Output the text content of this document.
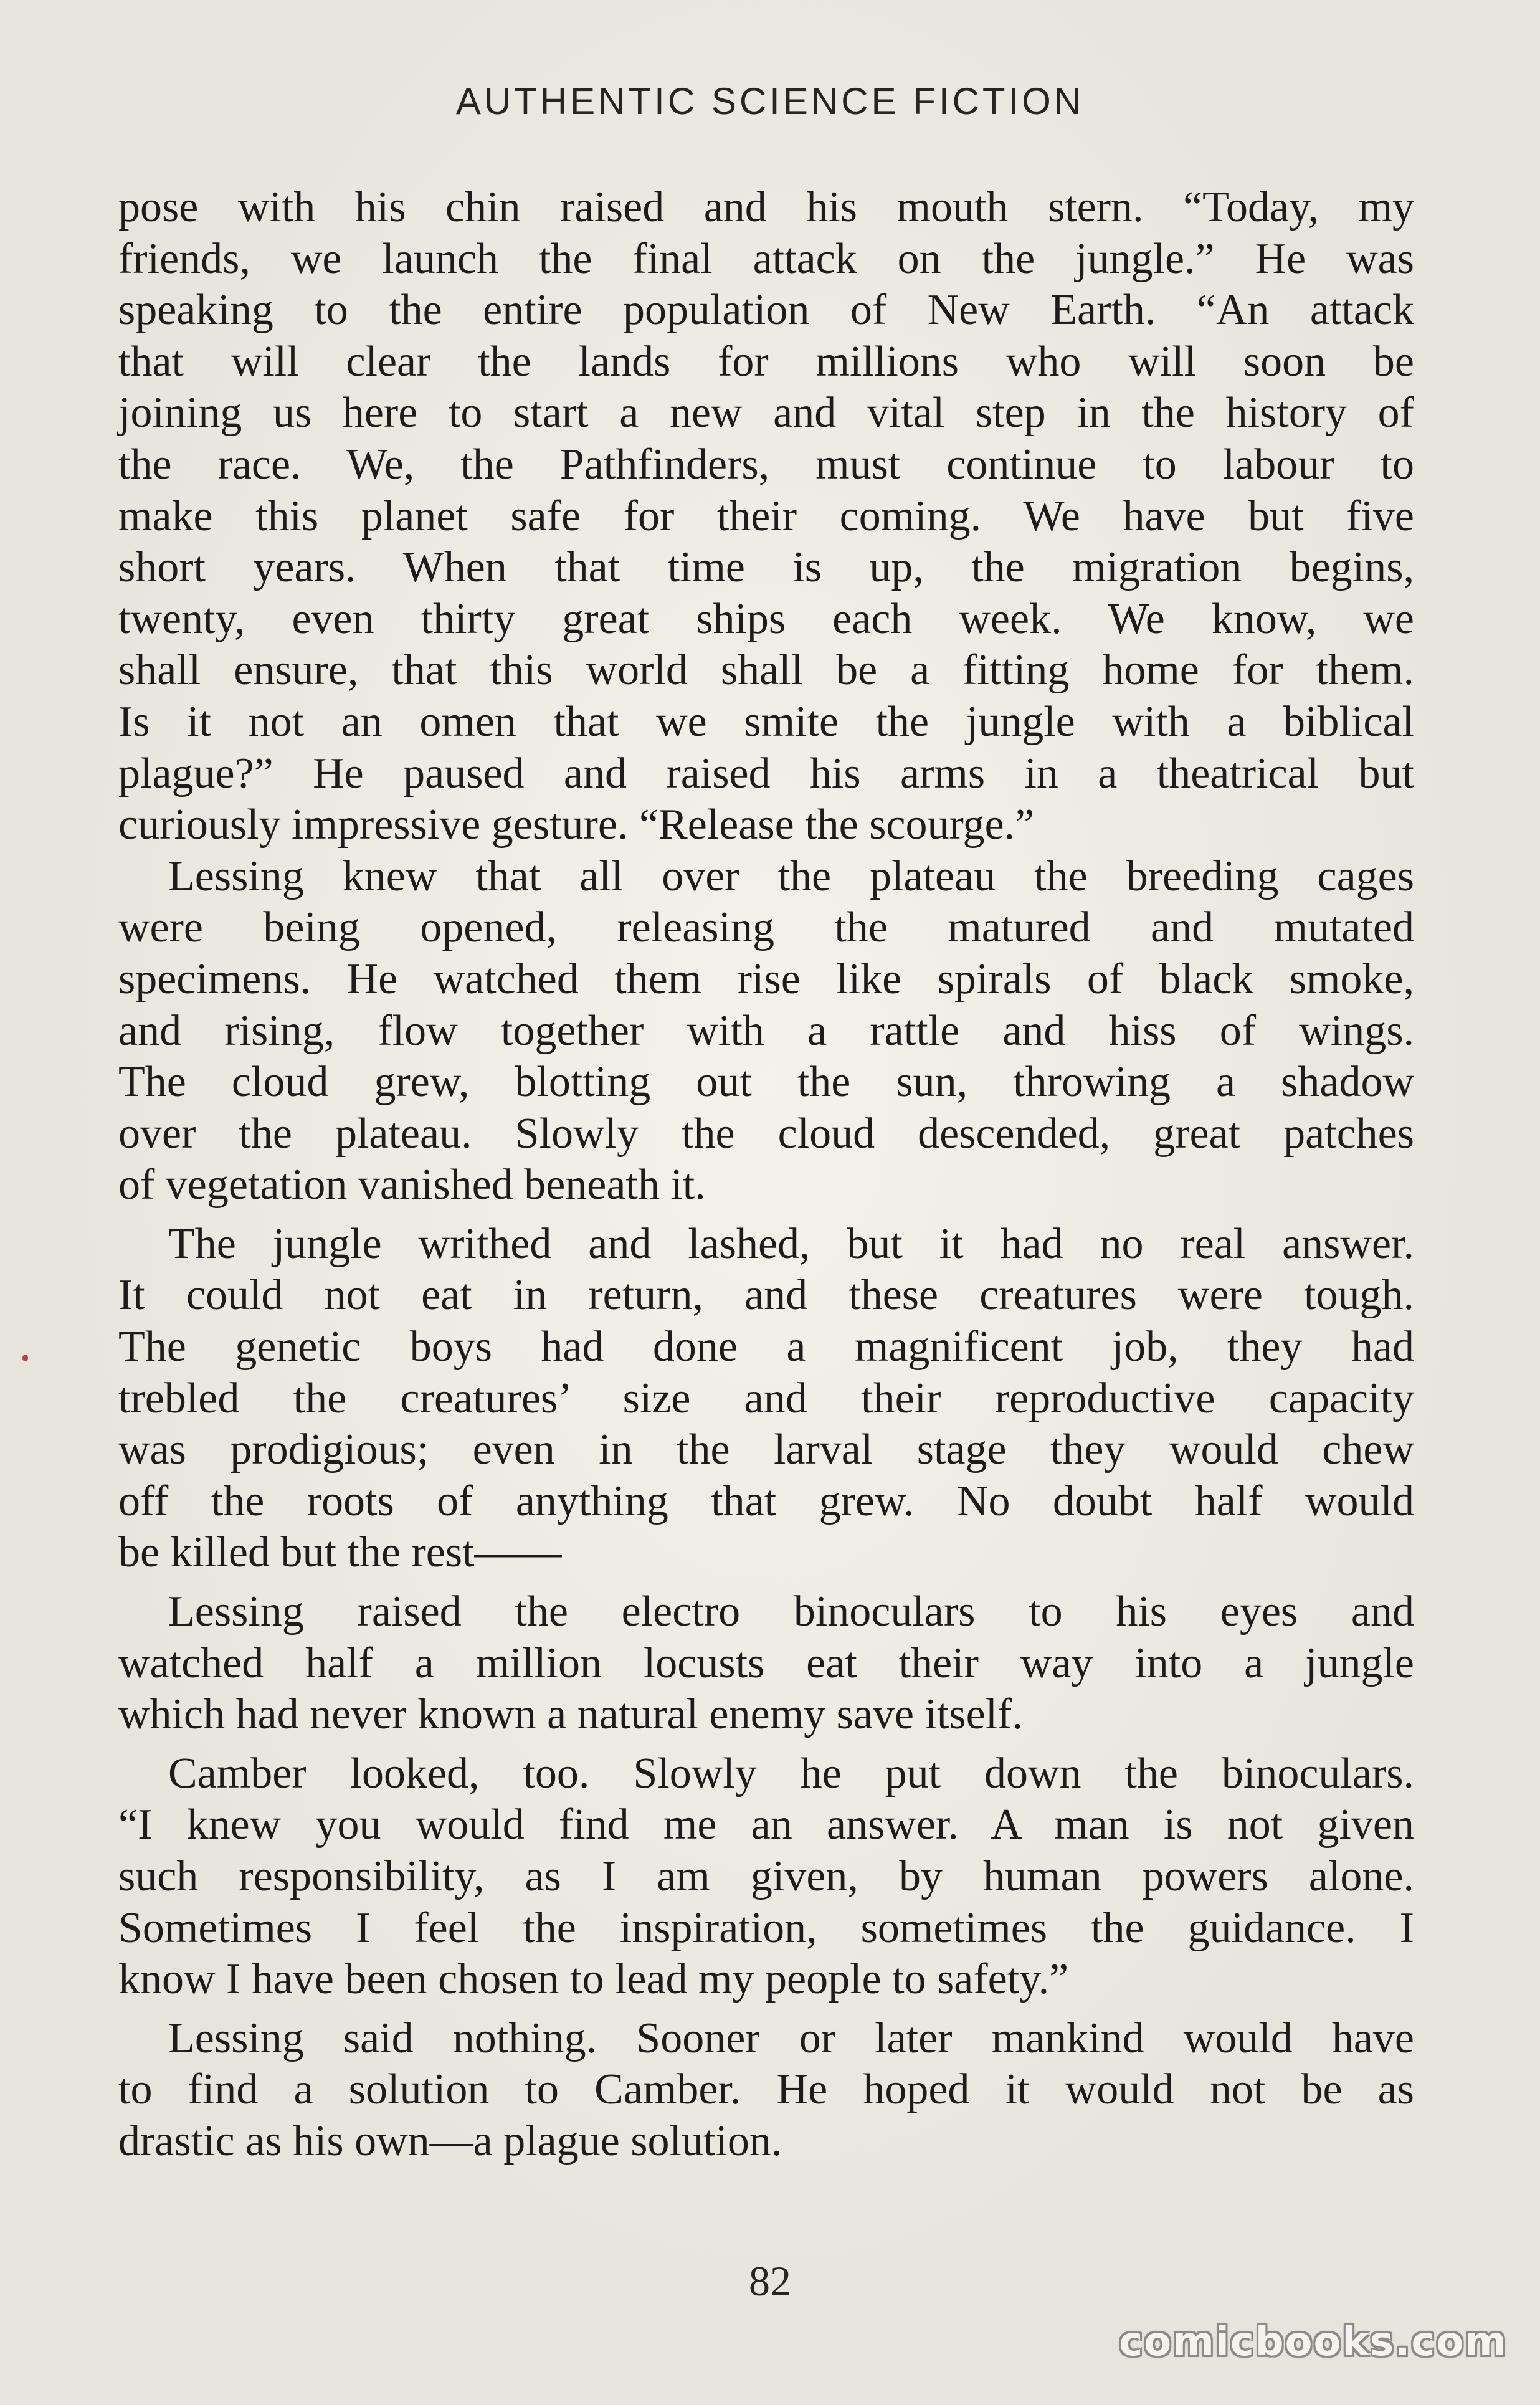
AUTHENTIC SCIENCE FICTION
pose with his chin raised and his mouth stern. “Today, my
friends, we launch the final attack on the jungle.” He was
speaking to the entire population of New Earth. “An attack
that will clear the lands for millions who will soon be
joining us here to start a new and vital step in the history of
the race. We, the Pathfinders, must continue to labour to
make this planet safe for their coming. We have but five
short years. When that time is up, the migration begins,
twenty, even thirty great ships each week. We know, we
shall ensure, that this world shall be a fitting home for them.
Is it not an omen that we smite the jungle with a biblical
plague?” He paused and raised his arms in a theatrical but
curiously impressive gesture. “Release the scourge.”
Lessing knew that all over the plateau the breeding cages
were being opened, releasing the matured and mutated
specimens. He watched them rise like spirals of black smoke,
and rising, flow together with a rattle and hiss of wings.
The cloud grew, blotting out the sun, throwing a shadow
over the plateau. Slowly the cloud descended, great patches
of vegetation vanished beneath it.
The jungle writhed and lashed, but it had no real answer.
It could not eat in return, and these creatures were tough.
The genetic boys had done a magnificent job, they had
trebled the creatures’ size and their reproductive capacity
was prodigious; even in the larval stage they would chew
off the roots of anything that grew. No doubt half would
be killed but the rest——
Lessing raised the electro binoculars to his eyes and
watched half a million locusts eat their way into a jungle
which had never known a natural enemy save itself.
Camber looked, too. Slowly he put down the binoculars.
“I knew you would find me an answer. A man is not given
such responsibility, as I am given, by human powers alone.
Sometimes I feel the inspiration, sometimes the guidance. I
know I have been chosen to lead my people to safety.”
Lessing said nothing. Sooner or later mankind would have
to find a solution to Camber. He hoped it would not be as
drastic as his own—a plague solution.
82
comicbooks.com
